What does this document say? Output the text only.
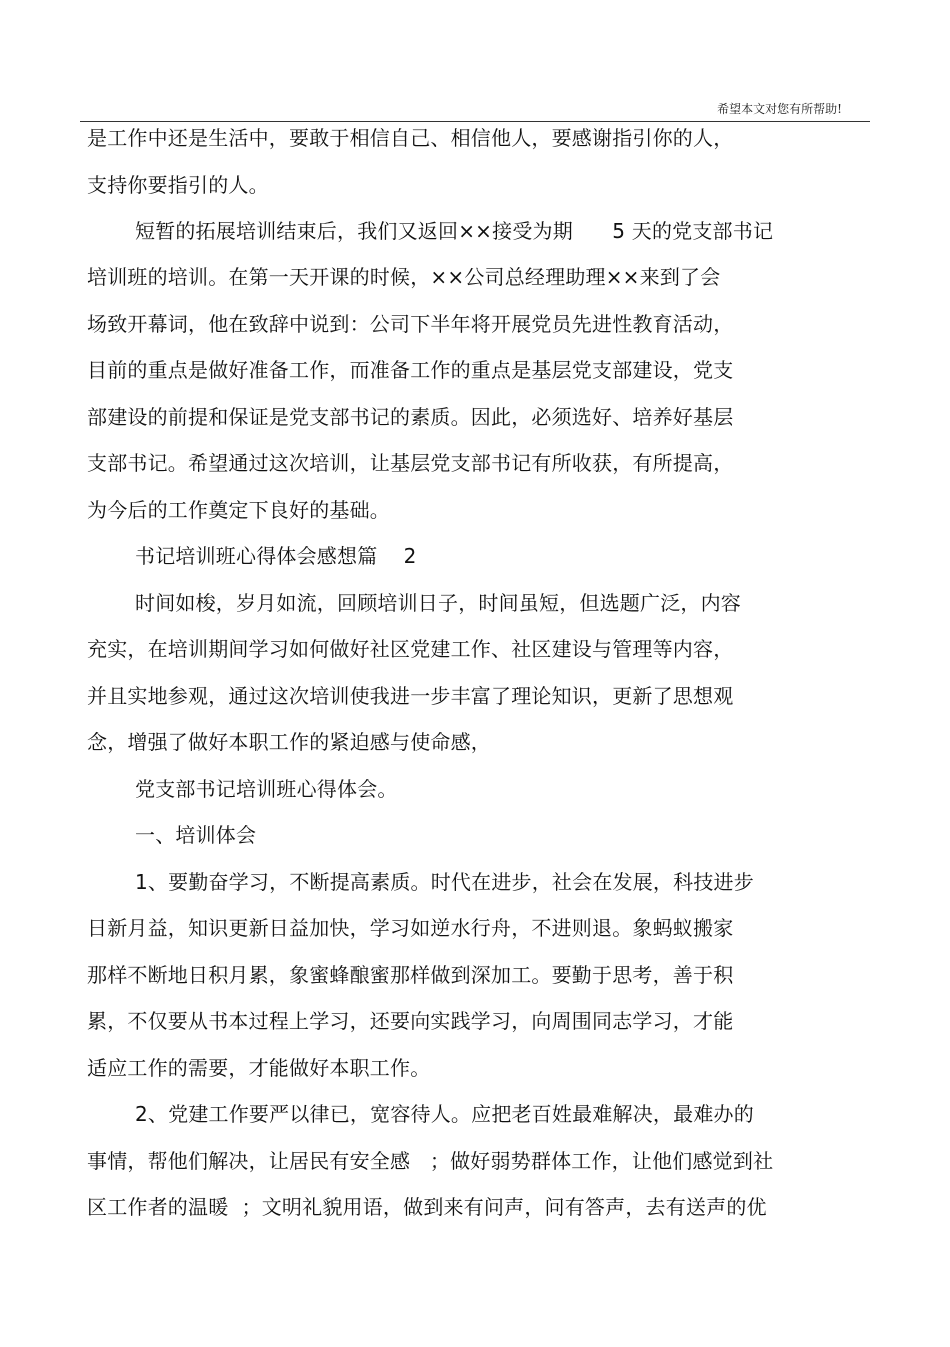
希望本文对您有所帮助!
是工作中还是生活中，要敢于相信自己、相信他人，要感谢指引你的人，
支持你要指引的人。
短暂的拓展培训结束后，我们又返回××接受为期      5 天的党支部书记
培训班的培训。在第一天开课的时候，××公司总经理助理××来到了会
场致开幕词，他在致辞中说到：公司下半年将开展党员先进性教育活动，
目前的重点是做好准备工作，而准备工作的重点是基层党支部建设，党支
部建设的前提和保证是党支部书记的素质。因此，必须选好、培养好基层
支部书记。希望通过这次培训，让基层党支部书记有所收获，有所提高，
为今后的工作奠定下良好的基础。
书记培训班心得体会感想篇    2
时间如梭，岁月如流，回顾培训日子，时间虽短，但选题广泛，内容
充实，在培训期间学习如何做好社区党建工作、社区建设与管理等内容，
并且实地参观，通过这次培训使我进一步丰富了理论知识，更新了思想观
念，增强了做好本职工作的紧迫感与使命感，
党支部书记培训班心得体会。
一、培训体会
1、要勤奋学习，不断提高素质。时代在进步，社会在发展，科技进步
日新月益，知识更新日益加快，学习如逆水行舟，不进则退。象蚂蚁搬家
那样不断地日积月累，象蜜蜂酿蜜那样做到深加工。要勤于思考，善于积
累，不仅要从书本过程上学习，还要向实践学习，向周围同志学习，才能
适应工作的需要，才能做好本职工作。
2、党建工作要严以律已，宽容待人。应把老百姓最难解决，最难办的
事情，帮他们解决，让居民有安全感   ；做好弱势群体工作，让他们感觉到社
区工作者的温暖  ；文明礼貌用语，做到来有问声，问有答声，去有送声的优
